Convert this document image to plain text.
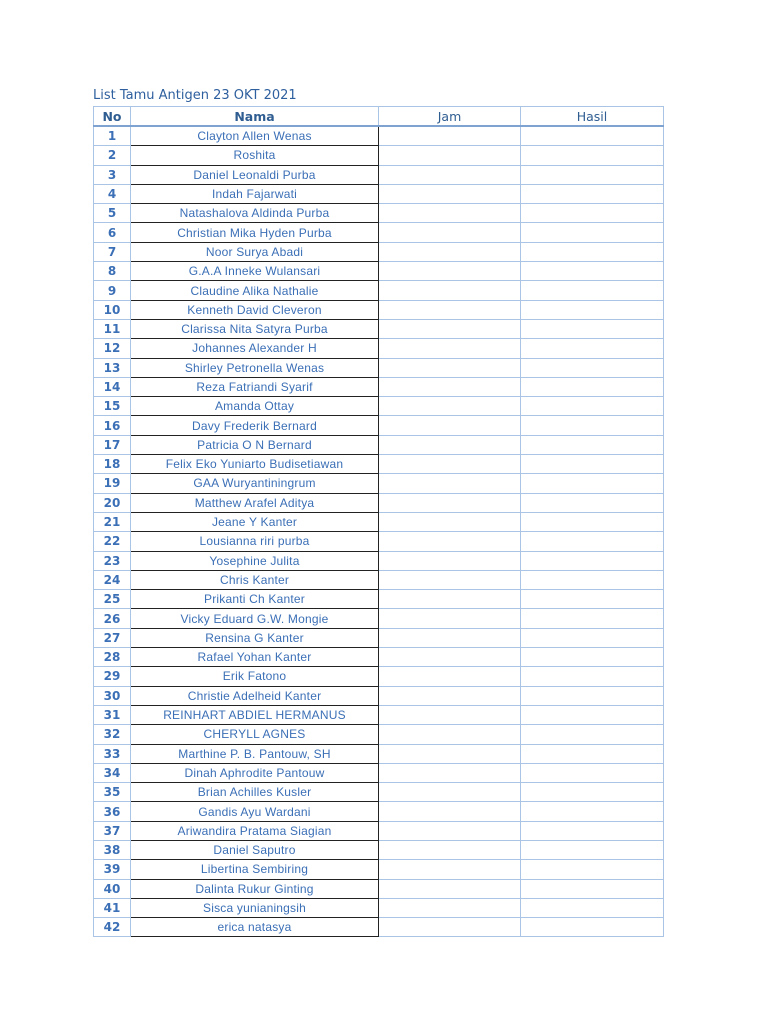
List Tamu Antigen 23 OKT 2021
No	Nama	Jam	Hasil
1	Clayton Allen Wenas		
2	Roshita		
3	Daniel Leonaldi Purba		
4	Indah Fajarwati		
5	Natashalova Aldinda Purba		
6	Christian Mika Hyden Purba		
7	Noor Surya Abadi		
8	G.A.A Inneke Wulansari		
9	Claudine Alika Nathalie		
10	Kenneth David Cleveron		
11	Clarissa Nita Satyra Purba		
12	Johannes Alexander H		
13	Shirley Petronella Wenas		
14	Reza Fatriandi Syarif		
15	Amanda Ottay		
16	Davy Frederik Bernard		
17	Patricia O N Bernard		
18	Felix Eko Yuniarto Budisetiawan		
19	GAA Wuryantiningrum		
20	Matthew Arafel Aditya		
21	Jeane Y Kanter		
22	Lousianna riri purba		
23	Yosephine Julita		
24	Chris Kanter		
25	Prikanti Ch Kanter		
26	Vicky Eduard G.W. Mongie		
27	Rensina G Kanter		
28	Rafael Yohan Kanter		
29	Erik Fatono		
30	Christie Adelheid Kanter		
31	REINHART ABDIEL HERMANUS		
32	CHERYLL AGNES		
33	Marthine P. B. Pantouw, SH		
34	Dinah Aphrodite Pantouw		
35	Brian Achilles Kusler		
36	Gandis Ayu Wardani		
37	Ariwandira Pratama Siagian		
38	Daniel Saputro		
39	Libertina Sembiring		
40	Dalinta Rukur Ginting		
41	Sisca yunianingsih		
42	erica natasya		
